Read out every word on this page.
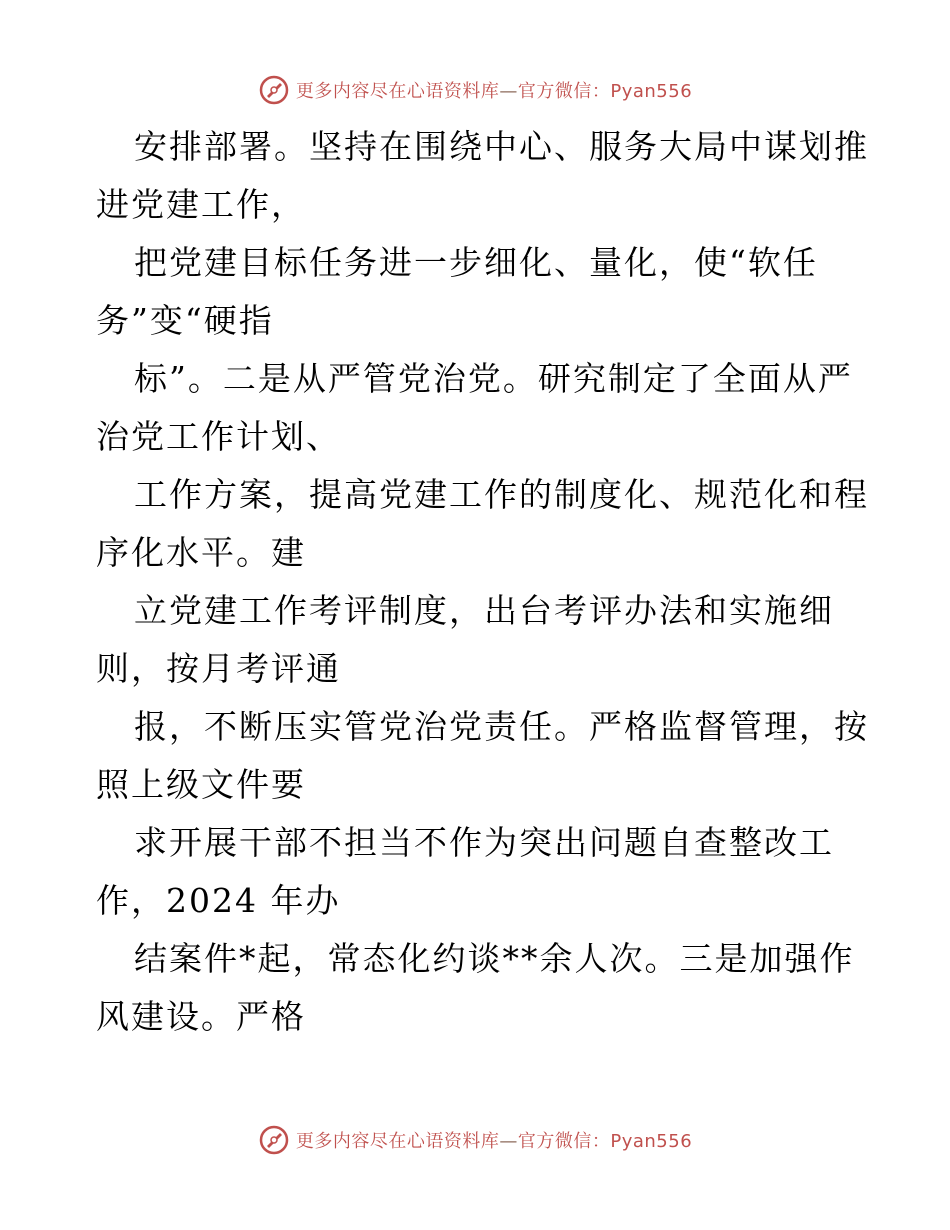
更多内容尽在心语资料库—官方微信：Pyan556
安排部署。坚持在围绕中心、服务大局中谋划推
进党建工作，
把党建目标任务进一步细化、量化，使“软任
务”变“硬指
标”。二是从严管党治党。研究制定了全面从严
治党工作计划、
工作方案，提高党建工作的制度化、规范化和程
序化水平。建
立党建工作考评制度，出台考评办法和实施细
则，按月考评通
报，不断压实管党治党责任。严格监督管理，按
照上级文件要
求开展干部不担当不作为突出问题自查整改工
作，2024 年办
结案件*起，常态化约谈**余人次。三是加强作
风建设。严格
更多内容尽在心语资料库—官方微信：Pyan556
